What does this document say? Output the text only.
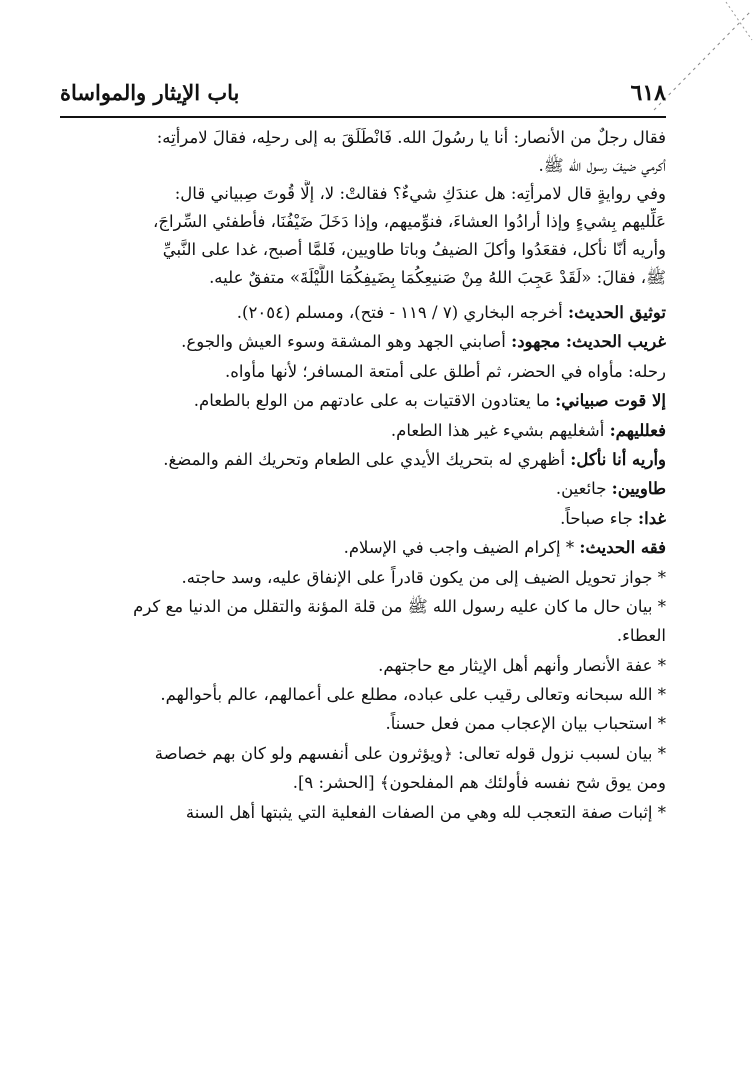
٦١٨
باب الإيثار والمواساة
فقال رجلٌ من الأنصار: أنا يا رسُولَ الله. فَانْطَلَقَ به إلى رحلِه، فقالَ لامرأتِه:
أكرمي ضيفَ رسول الله ﷺ.
وفي روايةٍ قال لامرأتِه: هل عندَكِ شيءٌ؟ فقالتْ: لا، إلَّا قُوتَ صِبياني قال:
عَلِّليهم بِشيءٍ وإذا أرادُوا العشاءَ، فنوِّميهم، وإذا دَخَلَ ضَيْفُنَا، فأطفئي السِّراجَ،
وأريه أنّا نأكل، فقعَدُوا وأكلَ الضيفُ وباتا طاويين، فَلمَّا أصبح، غدا على النَّبيِّ
ﷺ، فقالَ: «لَقَدْ عَجِبَ اللهُ مِنْ صَنيعِكُمَا بِضَيفِكُمَا اللَّيْلَةَ» متفقٌ عليه.
توثيق الحديث: أخرجه البخاري (٧ / ١١٩ - فتح)، ومسلم (٢٠٥٤).
غريب الحديث: مجهود: أصابني الجهد وهو المشقة وسوء العيش والجوع.
رحله: مأواه في الحضر، ثم أطلق على أمتعة المسافر؛ لأنها مأواه.
إلا قوت صبياني: ما يعتادون الاقتيات به على عادتهم من الولع بالطعام.
فعلليهم: أشغليهم بشيء غير هذا الطعام.
وأريه أنا نأكل: أظهري له بتحريك الأيدي على الطعام وتحريك الفم والمضغ.
طاويين: جائعين.
غدا: جاء صباحاً.
فقه الحديث: * إكرام الضيف واجب في الإسلام.
* جواز تحويل الضيف إلى من يكون قادراً على الإنفاق عليه، وسد حاجته.
* بيان حال ما كان عليه رسول الله ﷺ من قلة المؤنة والتقلل من الدنيا مع كرم
العطاء.
* عفة الأنصار وأنهم أهل الإيثار مع حاجتهم.
* الله سبحانه وتعالى رقيب على عباده، مطلع على أعمالهم، عالم بأحوالهم.
* استحباب بيان الإعجاب ممن فعل حسناً.
* بيان لسبب نزول قوله تعالى: ﴿ويؤثرون على أنفسهم ولو كان بهم خصاصة
ومن يوق شح نفسه فأولئك هم المفلحون﴾ [الحشر: ٩].
* إثبات صفة التعجب لله وهي من الصفات الفعلية التي يثبتها أهل السنة
